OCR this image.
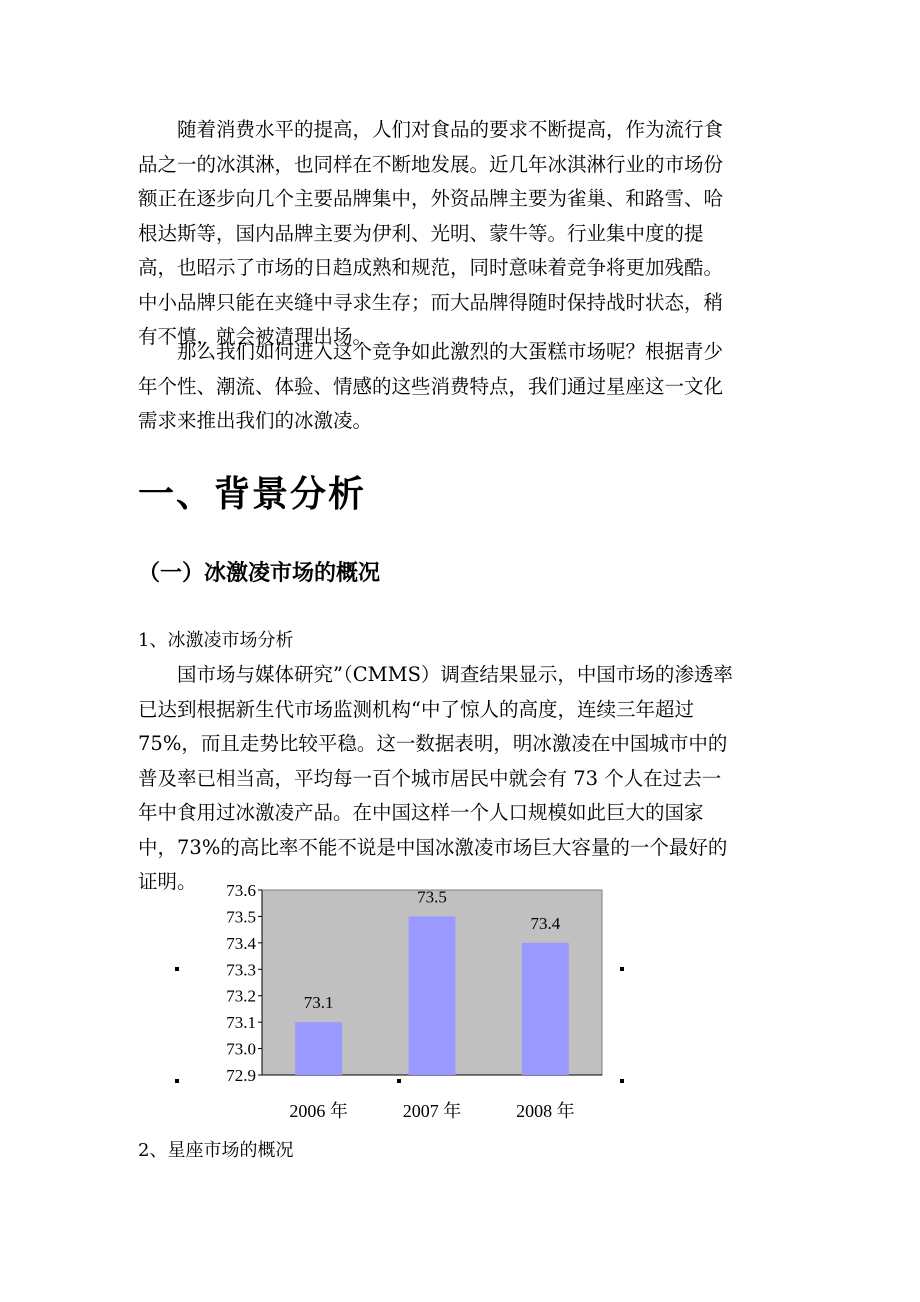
随着消费水平的提高，人们对食品的要求不断提高，作为流行食品之一的冰淇淋，也同样在不断地发展。近几年冰淇淋行业的市场份额正在逐步向几个主要品牌集中，外资品牌主要为雀巢、和路雪、哈根达斯等，国内品牌主要为伊利、光明、蒙牛等。行业集中度的提高，也昭示了市场的日趋成熟和规范，同时意味着竞争将更加残酷。中小品牌只能在夹缝中寻求生存；而大品牌得随时保持战时状态，稍有不慎，就会被清理出场。

那么我们如何进入这个竞争如此激烈的大蛋糕市场呢？根据青少年个性、潮流、体验、情感的这些消费特点，我们通过星座这一文化需求来推出我们的冰激凌。

一、背景分析
（一）冰激凌市场的概况

1、冰激凌市场分析

国市场与媒体研究”（CMMS）调查结果显示，中国市场的渗透率已达到根据新生代市场监测机构“中了惊人的高度，连续三年超过 75%，而且走势比较平稳。这一数据表明，明冰激凌在中国城市中的普及率已相当高，平均每一百个城市居民中就会有 73 个人在过去一年中食用过冰激凌产品。在中国这样一个人口规模如此巨大的国家中，73%的高比率不能不说是中国冰激凌市场巨大容量的一个最好的证明。

72.9
73.0
73.1
73.2
73.3
73.4
73.5
73.6
73.1
73.5
73.4
2006 年	2007 年	2008 年

2、星座市场的概况
